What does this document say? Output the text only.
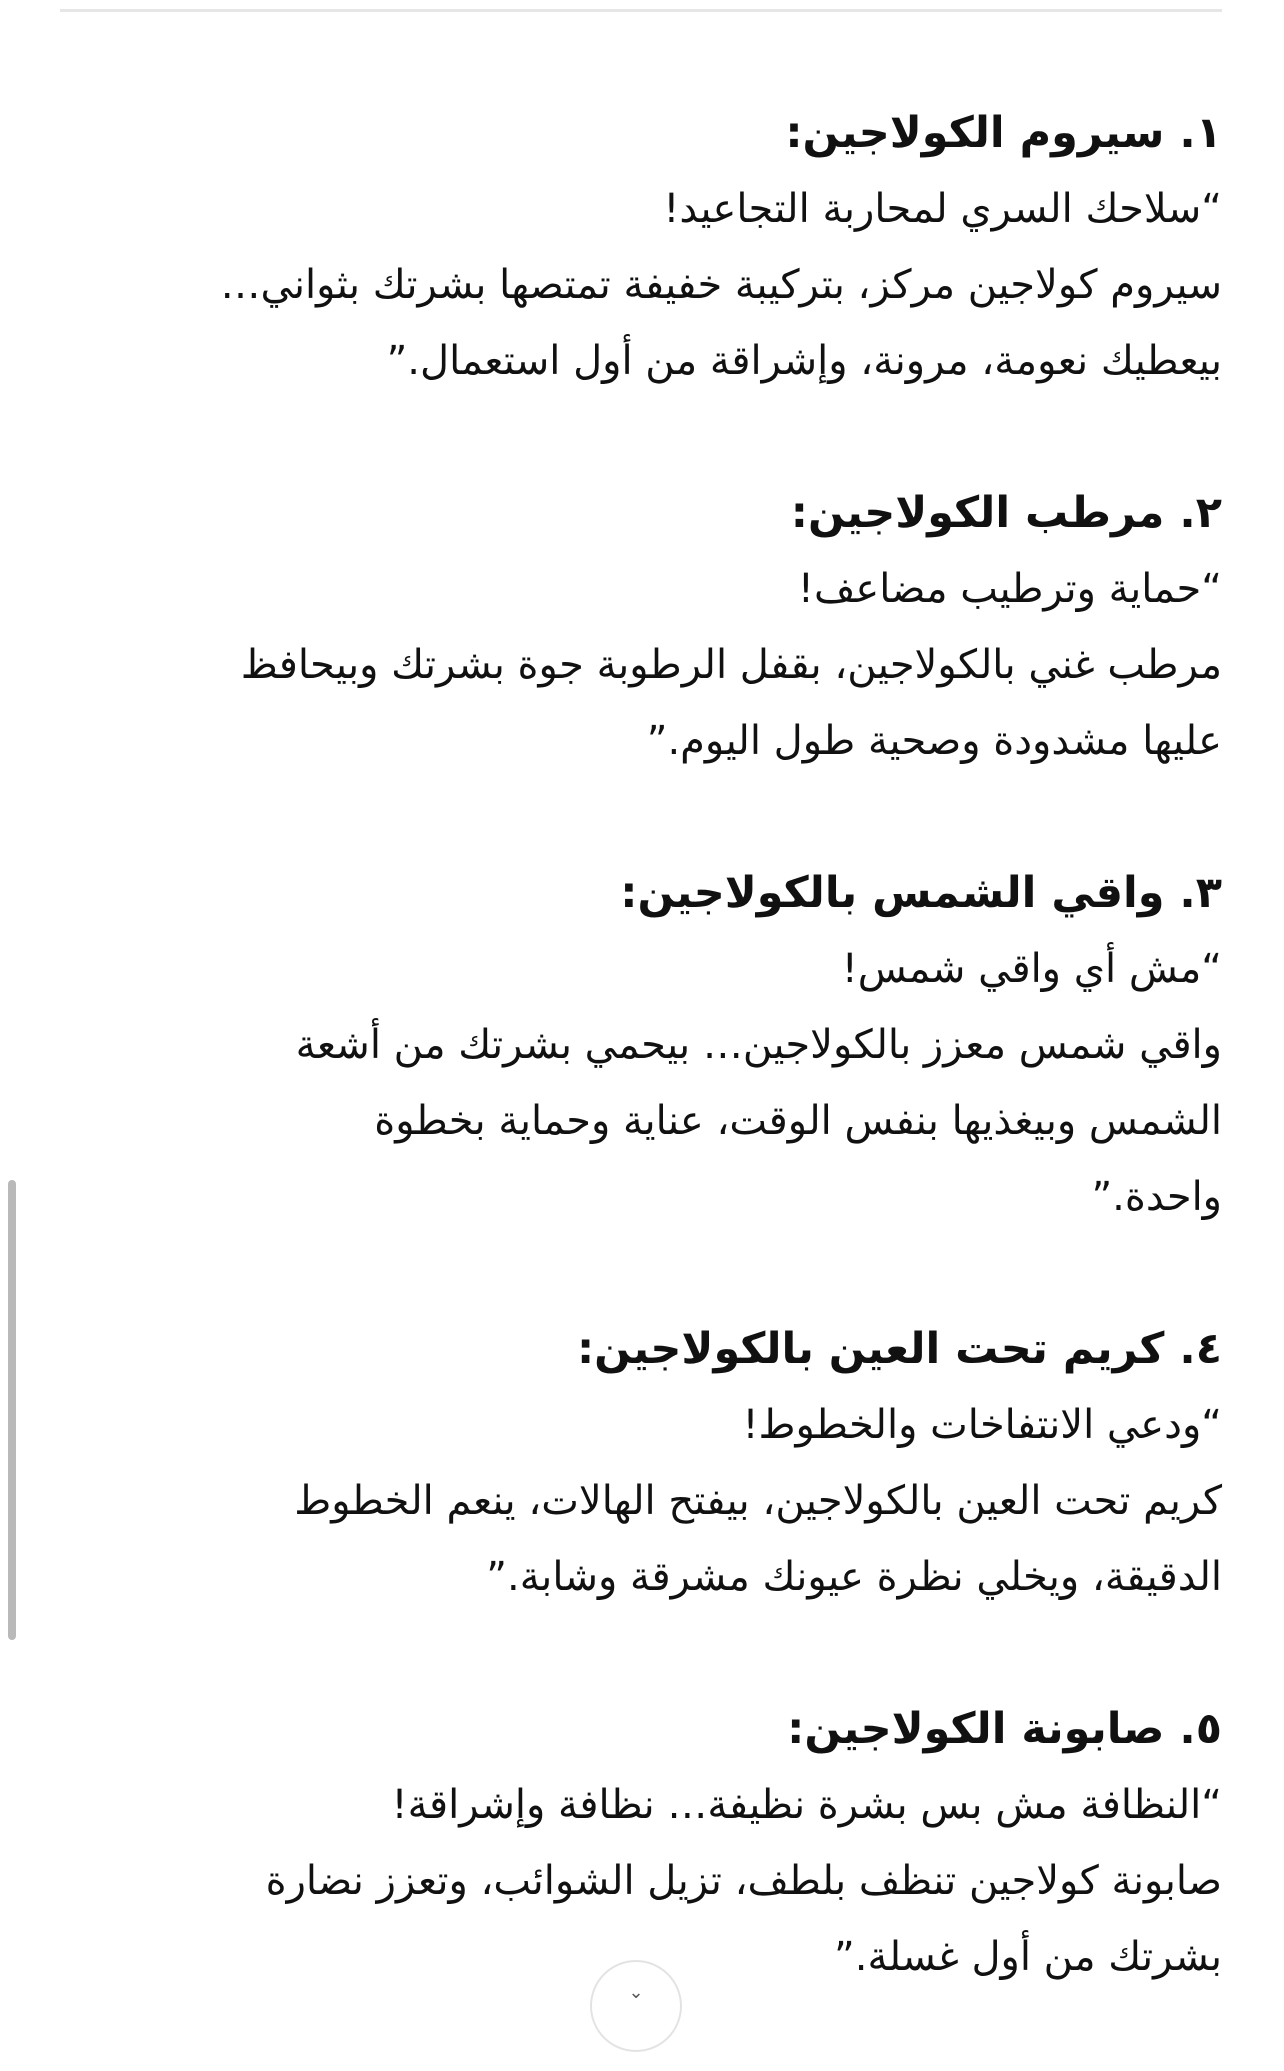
١. سيروم الكولاجين:

“سلاحك السري لمحاربة التجاعيد!

سيروم كولاجين مركز، بتركيبة خفيفة تمتصها بشرتك بثواني…

بيعطيك نعومة، مرونة، وإشراقة من أول استعمال.”

٢. مرطب الكولاجين:

“حماية وترطيب مضاعف!

مرطب غني بالكولاجين، بقفل الرطوبة جوة بشرتك وبيحافظ

عليها مشدودة وصحية طول اليوم.”

٣. واقي الشمس بالكولاجين:

“مش أي واقي شمس!

واقي شمس معزز بالكولاجين… بيحمي بشرتك من أشعة

الشمس وبيغذيها بنفس الوقت، عناية وحماية بخطوة

واحدة.”

٤. كريم تحت العين بالكولاجين:

“ودعي الانتفاخات والخطوط!

كريم تحت العين بالكولاجين، بيفتح الهالات، ينعم الخطوط

الدقيقة، ويخلي نظرة عيونك مشرقة وشابة.”

٥. صابونة الكولاجين:

“النظافة مش بس بشرة نظيفة… نظافة وإشراقة!

صابونة كولاجين تنظف بلطف، تزيل الشوائب، وتعزز نضارة

بشرتك من أول غسلة.”

⌄
